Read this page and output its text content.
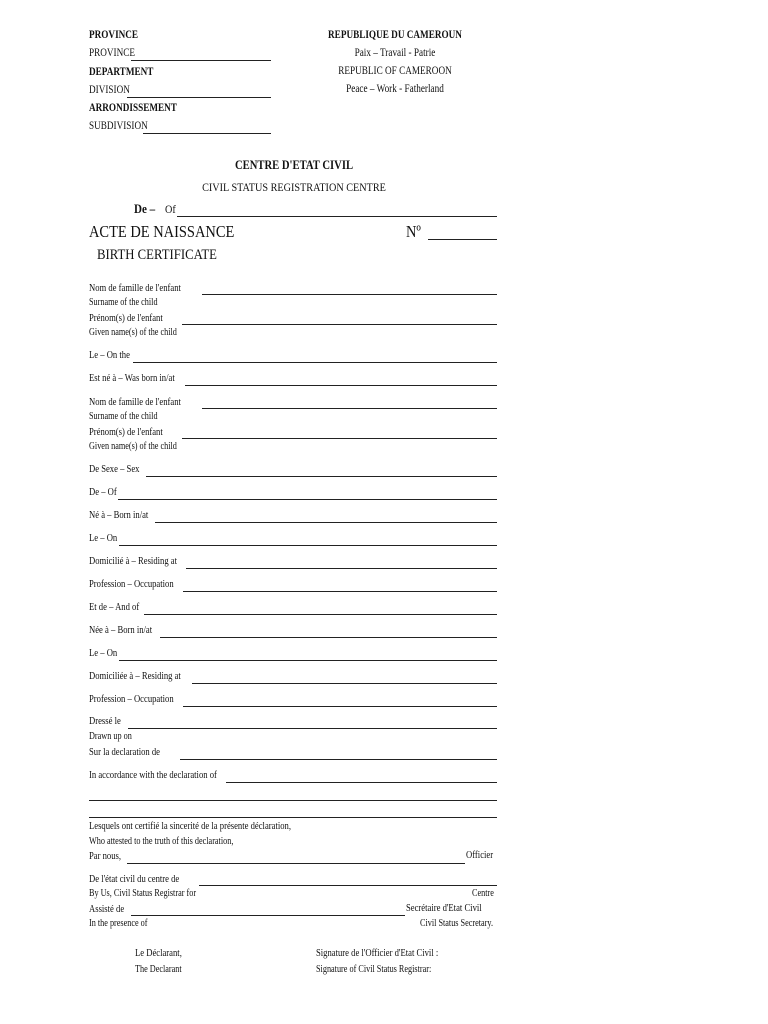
PROVINCE
PROVINCE
DEPARTMENT
DIVISION
ARRONDISSEMENT
SUBDIVISION
REPUBLIQUE DU CAMEROUN
Paix – Travail - Patrie
REPUBLIC OF CAMEROON
Peace – Work - Fatherland
CENTRE D'ETAT CIVIL
CIVIL STATUS REGISTRATION CENTRE
De – Of
ACTE DE NAISSANCE	Nº
BIRTH CERTIFICATE
Nom de famille de l'enfant
Surname of the child
Prénom(s) de l'enfant
Given name(s) of the child
Le – On the
Est né à – Was born in/at
Nom de famille de l'enfant
Surname of the child
Prénom(s) de l'enfant
Given name(s) of the child
De Sexe – Sex
De – Of
Né à – Born in/at
Le – On
Domicilié à – Residing at
Profession – Occupation
Et de – And of
Née à – Born in/at
Le – On
Domiciliée à – Residing at
Profession – Occupation
Dressé le
Drawn up on
Sur la declaration de
In accordance with the declaration of
Lesquels ont certifié la sincerité de la présente déclaration,
Who attested to the truth of this declaration,
Par nous,	Officier
De l'état civil du centre de
By Us, Civil Status Registrar for	Centre
Assisté de	Secrétaire d'Etat Civil
In the presence of	Civil Status Secretary.
Le Déclarant,
The Declarant
Signature de l'Officier d'Etat Civil :
Signature of Civil Status Registrar:
